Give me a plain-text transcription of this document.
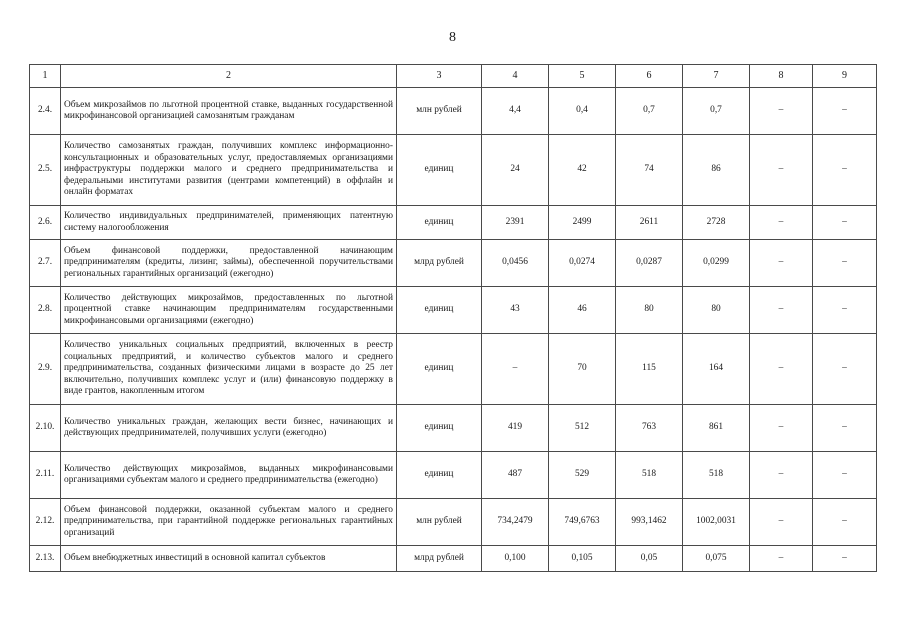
8
1	2	3	4	5	6	7	8	9
2.4.	Объем микрозаймов по льготной процентной ставке, выданных государственной микрофинансовой организацией самозанятым гражданам	млн рублей	4,4	0,4	0,7	0,7	–	–
2.5.	Количество самозанятых граждан, получивших комплекс информационно-консультационных и образовательных услуг, предоставляемых организациями инфраструктуры поддержки малого и среднего предпринимательства и федеральными институтами развития (центрами компетенций) в оффлайн и онлайн форматах	единиц	24	42	74	86	–	–
2.6.	Количество индивидуальных предпринимателей, применяющих патентную систему налогообложения	единиц	2391	2499	2611	2728	–	–
2.7.	Объем финансовой поддержки, предоставленной начинающим предпринимателям (кредиты, лизинг, займы), обеспеченной поручительствами региональных гарантийных организаций (ежегодно)	млрд рублей	0,0456	0,0274	0,0287	0,0299	–	–
2.8.	Количество действующих микрозаймов, предоставленных по льготной процентной ставке начинающим предпринимателям государственными микрофинансовыми организациями (ежегодно)	единиц	43	46	80	80	–	–
2.9.	Количество уникальных социальных предприятий, включенных в реестр социальных предприятий, и количество субъектов малого и среднего предпринимательства, созданных физическими лицами в возрасте до 25 лет включительно, получивших комплекс услуг и (или) финансовую поддержку в виде грантов, накопленным итогом	единиц	–	70	115	164	–	–
2.10.	Количество уникальных граждан, желающих вести бизнес, начинающих и действующих предпринимателей, получивших услуги (ежегодно)	единиц	419	512	763	861	–	–
2.11.	Количество действующих микрозаймов, выданных микрофинансовыми организациями субъектам малого и среднего предпринимательства (ежегодно)	единиц	487	529	518	518	–	–
2.12.	Объем финансовой поддержки, оказанной субъектам малого и среднего предпринимательства, при гарантийной поддержке региональных гарантийных организаций	млн рублей	734,2479	749,6763	993,1462	1002,0031	–	–
2.13.	Объем внебюджетных инвестиций в основной капитал субъектов	млрд рублей	0,100	0,105	0,05	0,075	–	–
